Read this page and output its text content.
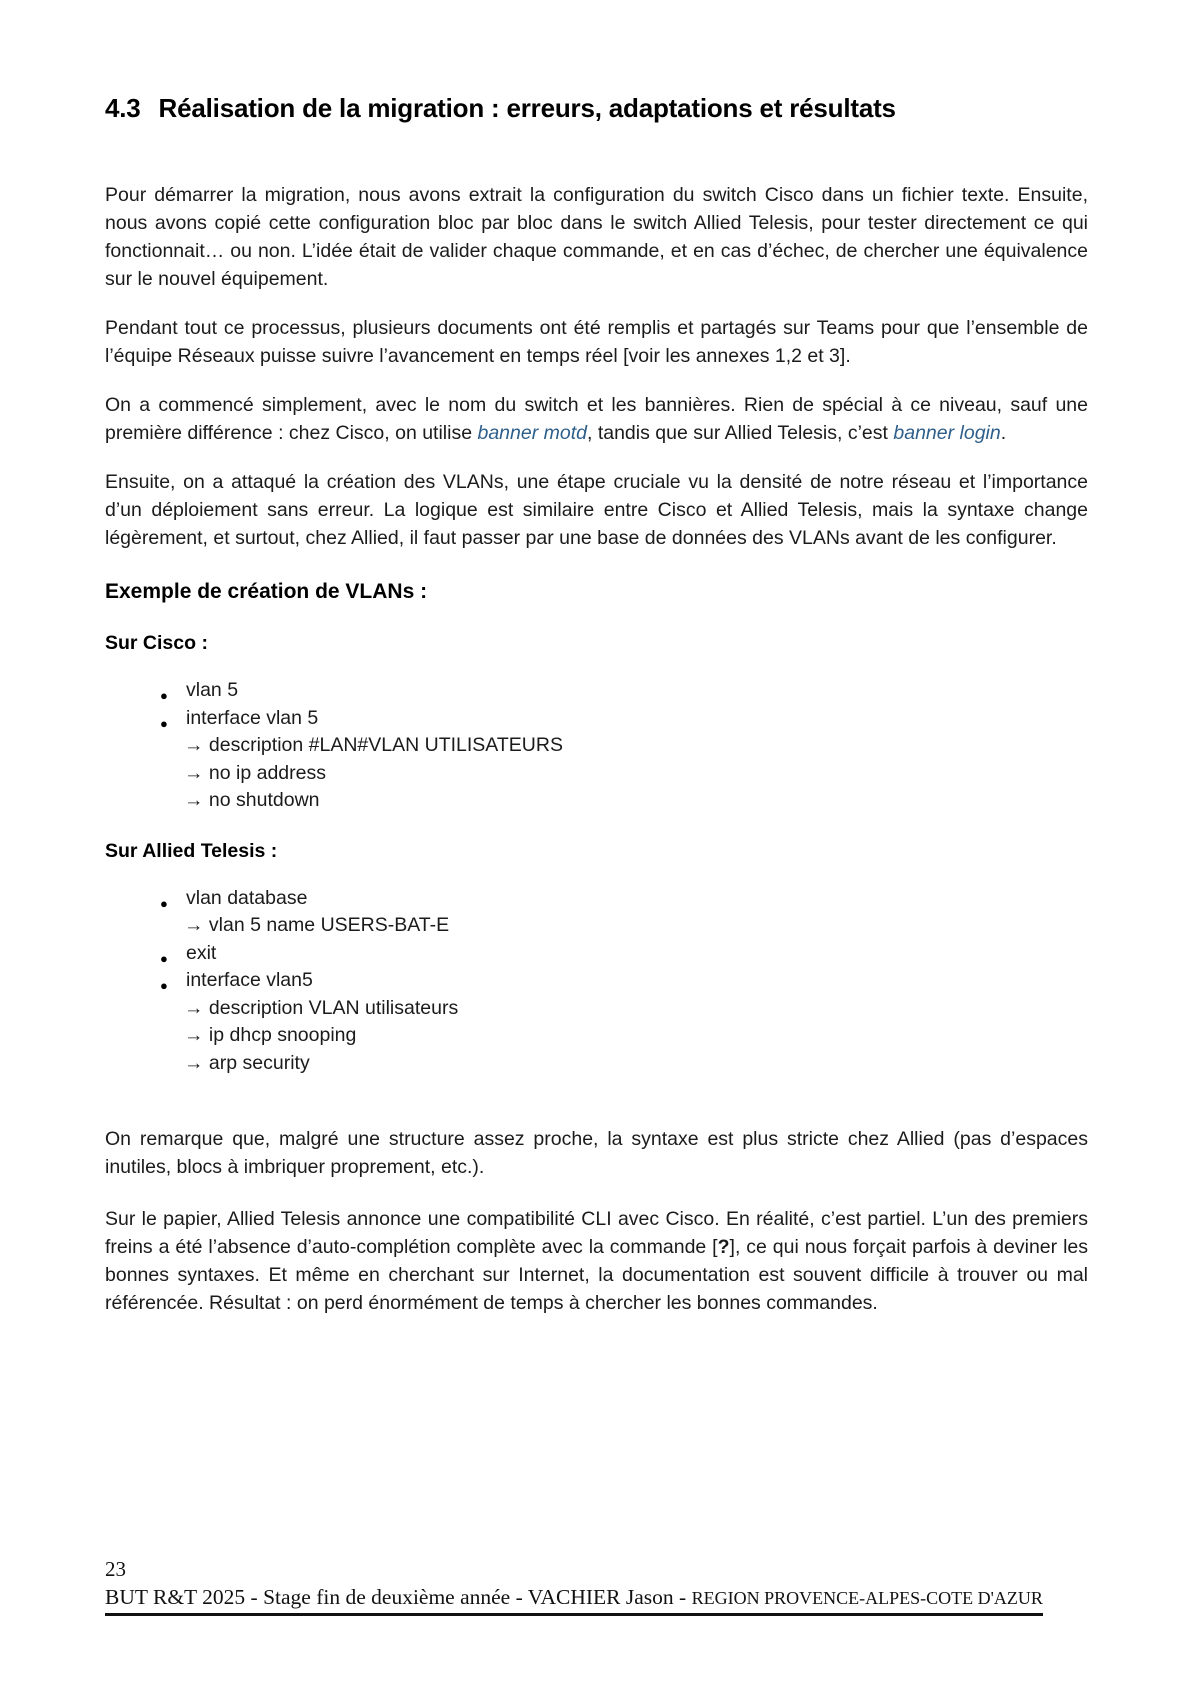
4.3 Réalisation de la migration : erreurs, adaptations et résultats

Pour démarrer la migration, nous avons extrait la configuration du switch Cisco dans un fichier texte. Ensuite, nous avons copié cette configuration bloc par bloc dans le switch Allied Telesis, pour tester directement ce qui fonctionnait… ou non. L’idée était de valider chaque commande, et en cas d’échec, de chercher une équivalence sur le nouvel équipement.

Pendant tout ce processus, plusieurs documents ont été remplis et partagés sur Teams pour que l’ensemble de l’équipe Réseaux puisse suivre l’avancement en temps réel [voir les annexes 1,2 et 3].

On a commencé simplement, avec le nom du switch et les bannières. Rien de spécial à ce niveau, sauf une première différence : chez Cisco, on utilise banner motd, tandis que sur Allied Telesis, c’est banner login.

Ensuite, on a attaqué la création des VLANs, une étape cruciale vu la densité de notre réseau et l’importance d’un déploiement sans erreur. La logique est similaire entre Cisco et Allied Telesis, mais la syntaxe change légèrement, et surtout, chez Allied, il faut passer par une base de données des VLANs avant de les configurer.

Exemple de création de VLANs :
Sur Cisco :
● vlan 5
● interface vlan 5
→ description #LAN#VLAN UTILISATEURS
→ no ip address
→ no shutdown
Sur Allied Telesis :
● vlan database
→ vlan 5 name USERS-BAT-E
● exit
● interface vlan5
→ description VLAN utilisateurs
→ ip dhcp snooping
→ arp security

On remarque que, malgré une structure assez proche, la syntaxe est plus stricte chez Allied (pas d’espaces inutiles, blocs à imbriquer proprement, etc.).

Sur le papier, Allied Telesis annonce une compatibilité CLI avec Cisco. En réalité, c’est partiel. L’un des premiers freins a été l’absence d’auto-complétion complète avec la commande [?], ce qui nous forçait parfois à deviner les bonnes syntaxes. Et même en cherchant sur Internet, la documentation est souvent difficile à trouver ou mal référencée. Résultat : on perd énormément de temps à chercher les bonnes commandes.

23
BUT R&T 2025 - Stage fin de deuxième année - VACHIER Jason - REGION PROVENCE-ALPES-COTE D'AZUR
